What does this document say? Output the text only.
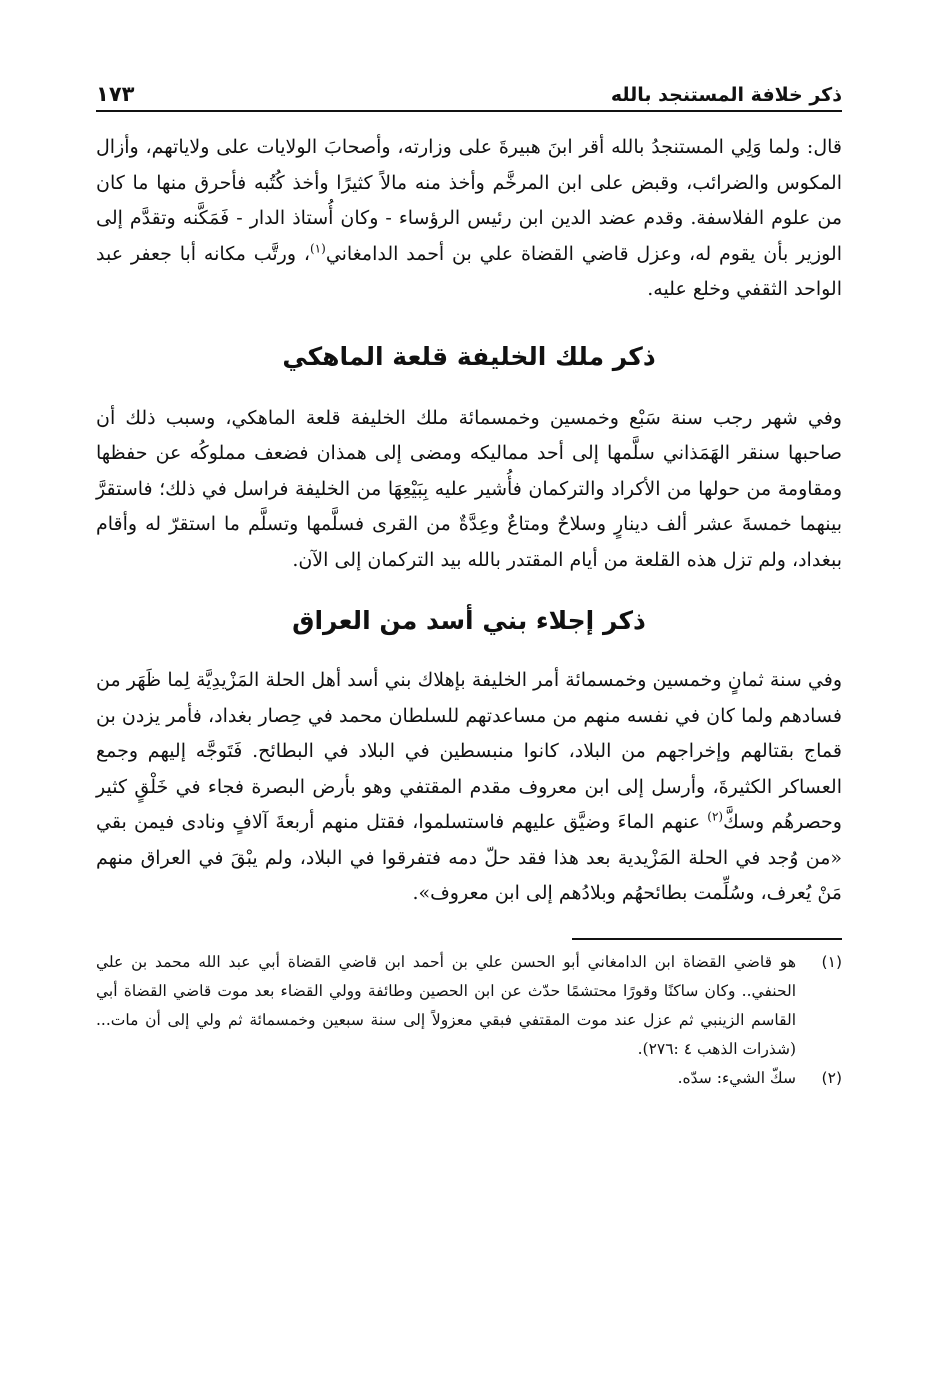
ذكر خلافة المستنجد بالله
١٧٣

قال: ولما وَلِي المستنجدُ بالله أقر ابنَ هبيرةَ على وزارته، وأصحابَ الولايات على ولاياتهم، وأزال المكوس والضرائب، وقبض على ابن المرخَّم وأخذ منه مالاً كثيرًا وأخذ كُتُبه فأحرق منها ما كان من علوم الفلاسفة. وقدم عضد الدين ابن رئيس الرؤساء - وكان أُستاذ الدار - فَمَكَّنه وتقدَّم إلى الوزير بأن يقوم له، وعزل قاضي القضاة علي بن أحمد الدامغاني$^{(١)}$، ورتَّب مكانه أبا جعفر عبد الواحد الثقفي وخلع عليه.

ذكر ملك الخليفة قلعة الماهكي

وفي شهر رجب سنة سَبْع وخمسين وخمسمائة ملك الخليفة قلعة الماهكي، وسبب ذلك أن صاحبها سنقر الهَمَذاني سلَّمها إلى أحد مماليكه ومضى إلى همذان فضعف مملوكُه عن حفظها ومقاومة من حولها من الأكراد والتركمان فأُشير عليه بِبَيْعِهَا من الخليفة فراسل في ذلك؛ فاستقرَّ بينهما خمسةَ عشر ألف دينارٍ وسلاحٌ ومتاعٌ وعِدَّةٌ من القرى فسلَّمها وتسلَّم ما استقرّ له وأقام ببغداد، ولم تزل هذه القلعة من أيام المقتدر بالله بيد التركمان إلى الآن.

ذكر إجلاء بني أسد من العراق

وفي سنة ثمانٍ وخمسين وخمسمائة أمر الخليفة بإهلاك بني أسد أهل الحلة المَزْيدِيَّة لِما ظَهَر من فسادهم ولما كان في نفسه منهم من مساعدتهم للسلطان محمد في حِصار بغداد، فأمر يزدن بن قماج بقتالهم وإخراجهم من البلاد، كانوا منبسطين في البلاد في البطائح. فَتَوجَّه إليهم وجمع العساكر الكثيرةَ، وأرسل إلى ابن معروف مقدم المقتفي وهو بأرض البصرة فجاء في خَلْقٍ كثير وحصرهُم وسكَّ$^{(٢)}$ عنهم الماءَ وضيَّق عليهم فاستسلموا، فقتل منهم أربعةَ آلافٍ ونادى فيمن بقي «من وُجد في الحلة المَزْيدية بعد هذا فقد حلّ دمه فتفرقوا في البلاد، ولم يبْقَ في العراق منهم مَنْ يُعرف، وسُلِّمت بطائحهُم وبلادُهم إلى ابن معروف».

(١)
هو قاضي القضاة ابن الدامغاني أبو الحسن علي بن أحمد ابن قاضي القضاة أبي عبد الله محمد بن علي الحنفي.. وكان ساكنًا وقورًا محتشمًا حدّث عن ابن الحصين وطائفة وولي القضاء بعد موت قاضي القضاة أبي القاسم الزينبي ثم عزل عند موت المقتفي فبقي معزولاً إلى سنة سبعين وخمسمائة ثم ولي إلى أن مات... (شذرات الذهب ٤ :٢٧٦).

(٢)
سكّ الشيء: سدّه.
